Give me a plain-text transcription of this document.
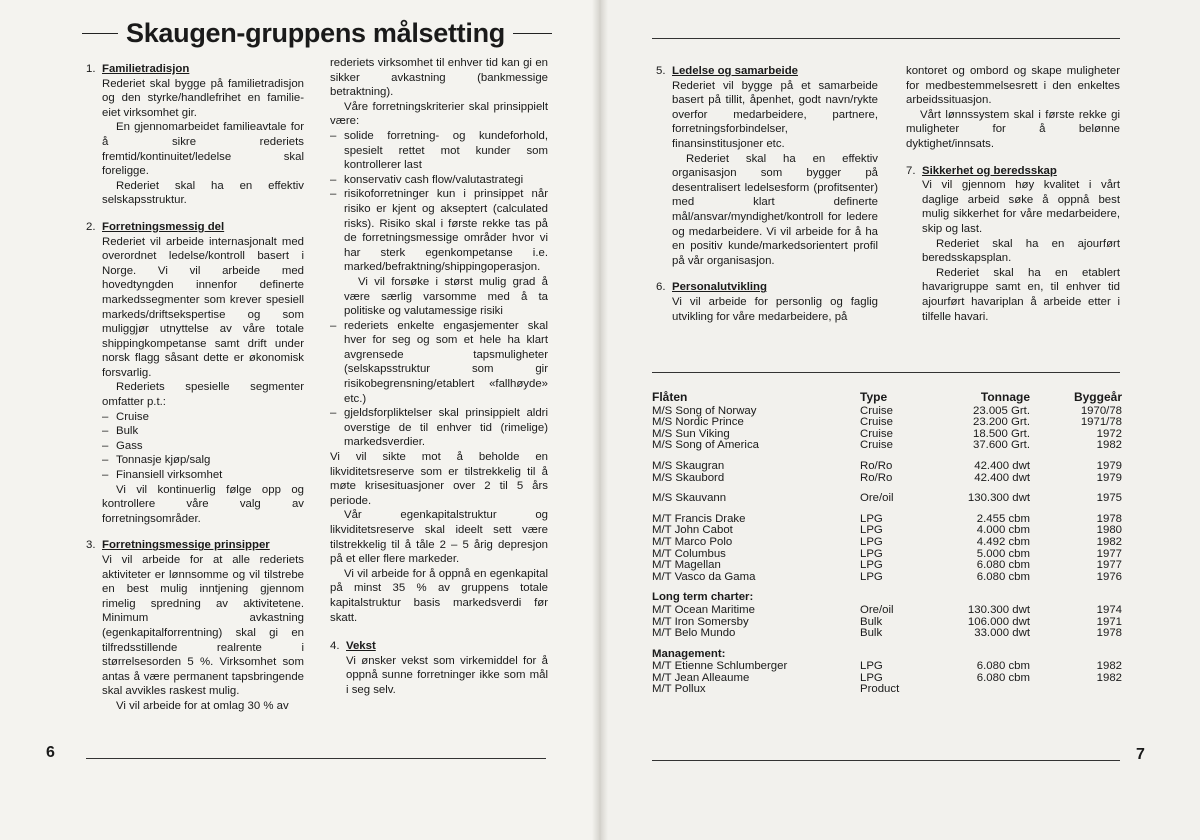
Skaugen-gruppens målsetting
1. Familietradisjon

Rederiet skal bygge på familietradisjon og den styrke/handlefrihet en familie-eiet virksomhet gir.

En gjennomarbeidet familieavtale for å sikre rederiets fremtid/kontinuitet/ledelse skal foreligge.

Rederiet skal ha en effektiv selskapsstruktur.

2. Forretningsmessig del

Rederiet vil arbeide internasjonalt med overordnet ledelse/kontroll basert i Norge. Vi vil arbeide med hovedtyngden innenfor definerte markedssegmenter som krever spesiell markeds/driftsekspertise og som muliggjør utnyttelse av våre totale shippingkompetanse samt drift under norsk flagg såsant dette er økonomisk forsvarlig.

Rederiets spesielle segmenter omfatter p.t.:

– Cruise
– Bulk
– Gass
– Tonnasje kjøp/salg
– Finansiell virksomhet

Vi vil kontinuerlig følge opp og kontrollere våre valg av forretningsområder.

3. Forretningsmessige prinsipper

Vi vil arbeide for at alle rederiets aktiviteter er lønnsomme og vil tilstrebe en best mulig inntjening gjennom rimelig spredning av aktivitetene. Minimum avkastning (egenkapitalforrentning) skal gi en tilfredsstillende realrente i størrelsesorden 5 %. Virksomhet som antas å være permanent tapsbringende skal avvikles raskest mulig.

Vi vil arbeide for at omlag 30 % av

rederiets virksomhet til enhver tid kan gi en sikker avkastning (bankmessige betraktning).

Våre forretningskriterier skal prinsippielt være:

– solide forretning- og kundeforhold, spesielt rettet mot kunder som kontrollerer last
– konservativ cash flow/valutastrategi
– risikoforretninger kun i prinsippet når risiko er kjent og akseptert (calculated risks). Risiko skal i første rekke tas på de forretningsmessige områder hvor vi har sterk egenkompetanse i.e. marked/befraktning/shippingoperasjon.

Vi vil forsøke i størst mulig grad å være særlig varsomme med å ta politiske og valutamessige risiki

– rederiets enkelte engasjementer skal hver for seg og som et hele ha klart avgrensede tapsmuligheter (selskapsstruktur som gir risikobegrensning/etablert «fallhøyde» etc.)
– gjeldsforpliktelser skal prinsippielt aldri overstige de til enhver tid (rimelige) markedsverdier.

Vi vil sikte mot å beholde en likviditetsreserve som er tilstrekkelig til å møte krisesituasjoner over 2 til 5 års periode.

Vår egenkapitalstruktur og likviditetsreserve skal ideelt sett være tilstrekkelig til å tåle 2 – 5 årig depresjon på et eller flere markeder.

Vi vil arbeide for å oppnå en egenkapital på minst 35 % av gruppens totale kapitalstruktur basis markedsverdi før skatt.

4. Vekst

Vi ønsker vekst som virkemiddel for å oppnå sunne forretninger ikke som mål i seg selv.

6
5. Ledelse og samarbeide

Rederiet vil bygge på et samarbeide basert på tillit, åpenhet, godt navn/rykte overfor medarbeidere, partnere, forretningsforbindelser, finansinstitusjoner etc.

Rederiet skal ha en effektiv organisasjon som bygger på desentralisert ledelsesform (profitsenter) med klart definerte mål/ansvar/myndighet/kontroll for ledere og medarbeidere. Vi vil arbeide for å ha en positiv kunde/markedsorientert profil på vår organisasjon.

6. Personalutvikling

Vi vil arbeide for personlig og faglig utvikling for våre medarbeidere, på

kontoret og ombord og skape muligheter for medbestemmelsesrett i den enkeltes arbeidssituasjon.

Vårt lønnssystem skal i første rekke gi muligheter for å belønne dyktighet/innsats.

7. Sikkerhet og beredsskap

Vi vil gjennom høy kvalitet i vårt daglige arbeid søke å oppnå best mulig sikkerhet for våre medarbeidere, skip og last.

Rederiet skal ha en ajourført beredsskapsplan.

Rederiet skal ha en etablert havarigruppe samt en, til enhver tid ajourført havariplan å arbeide etter i tilfelle havari.

Flåten	Type	Tonnage	Byggeår
M/S Song of Norway	Cruise	23.005 Grt.	1970/78
M/S Nordic Prince	Cruise	23.200 Grt.	1971/78
M/S Sun Viking	Cruise	18.500 Grt.	1972
M/S Song of America	Cruise	37.600 Grt.	1982
M/S Skaugran	Ro/Ro	42.400 dwt	1979
M/S Skaubord	Ro/Ro	42.400 dwt	1979
M/S Skauvann	Ore/oil	130.300 dwt	1975
M/T Francis Drake	LPG	2.455 cbm	1978
M/T John Cabot	LPG	4.000 cbm	1980
M/T Marco Polo	LPG	4.492 cbm	1982
M/T Columbus	LPG	5.000 cbm	1977
M/T Magellan	LPG	6.080 cbm	1977
M/T Vasco da Gama	LPG	6.080 cbm	1976
Long term charter:
M/T Ocean Maritime	Ore/oil	130.300 dwt	1974
M/T Iron Somersby	Bulk	106.000 dwt	1971
M/T Belo Mundo	Bulk	33.000 dwt	1978
Management:
M/T Etienne Schlumberger	LPG	6.080 cbm	1982
M/T Jean Alleaume	LPG	6.080 cbm	1982
M/T Pollux	Product
7
